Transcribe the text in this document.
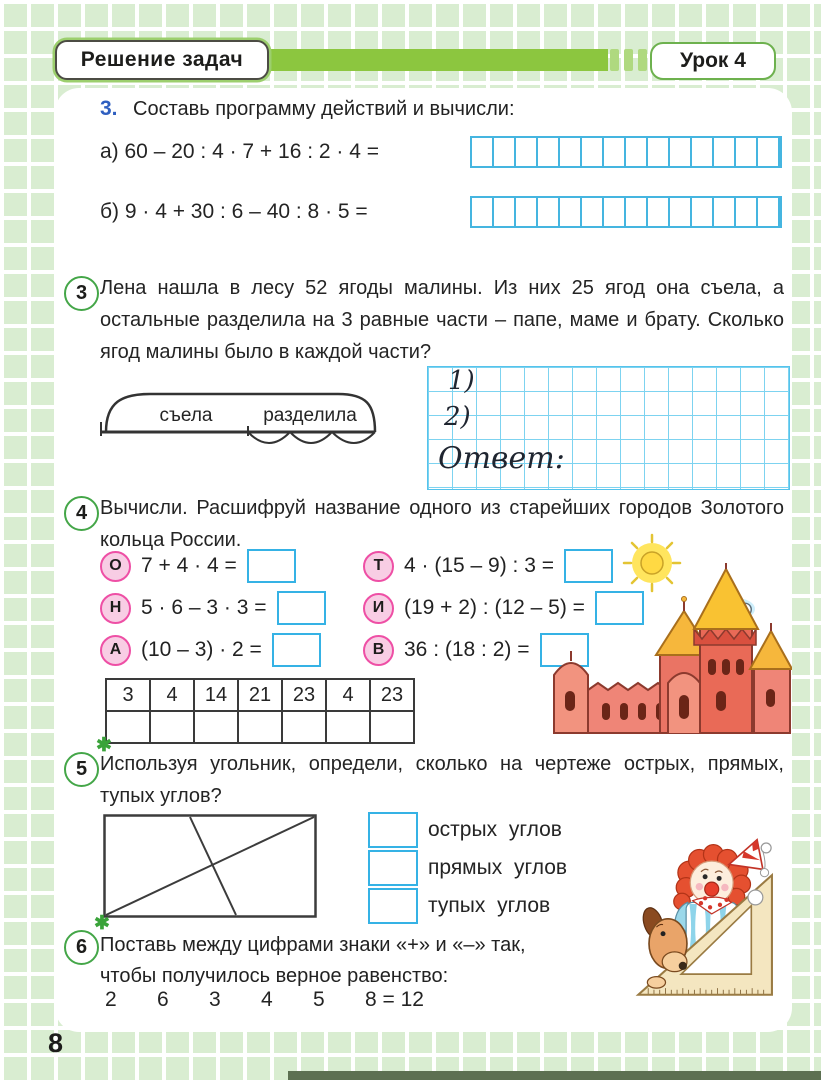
Решение задач	Урок 4
3. Составь программу действий и вычисли:
а) 60 – 20 : 4 · 7 + 16 : 2 · 4 =
б) 9 · 4 + 30 : 6 – 40 : 8 · 5 =
3 Лена нашла в лесу 52 ягоды малины. Из них 25 ягод она съела, а остальные разделила на 3 равные части – папе, маме и брату. Сколько ягод малины было в каждой части?
съела	разделила
1)
2)
Ответ:
4 Вычисли. Расшифруй название одного из старейших городов Золотого кольца России.
О 7 + 4 · 4 =	Т 4 · (15 – 9) : 3 =
Н 5 · 6 – 3 · 3 =	И (19 + 2) : (12 – 5) =
А (10 – 3) · 2 =	В 36 : (18 : 2) =
3	4	14	21	23	4	23

✱
5 Используя угольник, определи, сколько на чертеже острых, прямых, тупых углов?
острых углов
прямых углов
тупых углов
✱
6 Поставь между цифрами знаки «+» и «–» так,
чтобы получилось верное равенство:
2 6 3 4 5 8 = 12
8
